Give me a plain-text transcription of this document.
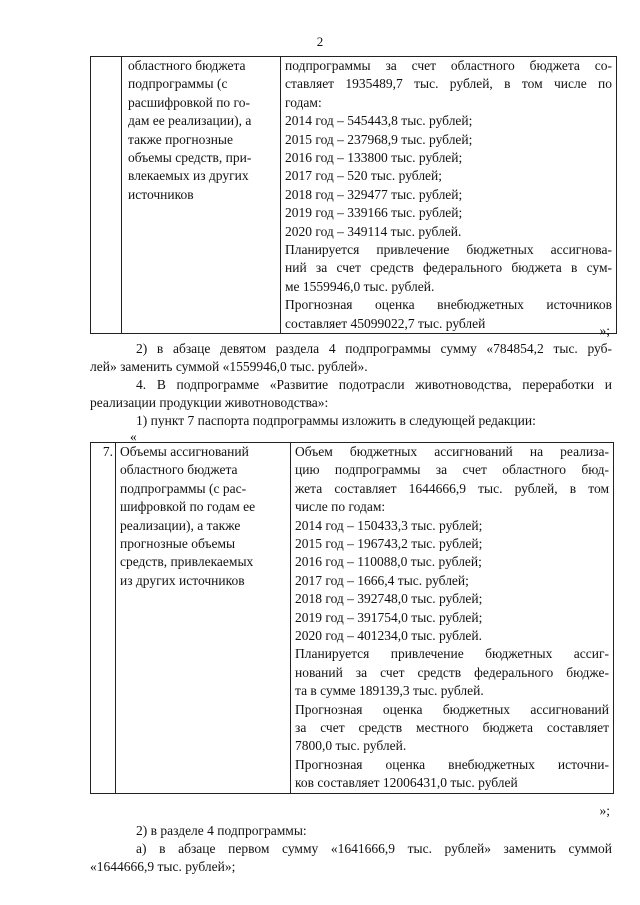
2

областного бюджета
подпрограммы (с
расшифровкой по го-
дам ее реализации), а
также прогнозные
объемы средств, при-
влекаемых из других
источников

подпрограммы за счет областного бюджета со-
ставляет 1935489,7 тыс. рублей, в том числе по
годам:
2014 год – 545443,8 тыс. рублей;
2015 год – 237968,9 тыс. рублей;
2016 год – 133800 тыс. рублей;
2017 год – 520 тыс. рублей;
2018 год – 329477 тыс. рублей;
2019 год – 339166 тыс. рублей;
2020 год – 349114 тыс. рублей.
Планируется привлечение бюджетных ассигнова-
ний за счет средств федерального бюджета в сум-
ме 1559946,0 тыс. рублей.
Прогнозная оценка внебюджетных источников
составляет 45099022,7 тыс. рублей	»;
2) в абзаце девятом раздела 4 подпрограммы сумму «784854,2 тыс. руб-
лей» заменить суммой «1559946,0 тыс. рублей».
4. В подпрограмме «Развитие подотрасли животноводства, переработки и
реализации продукции животноводства»:
1) пункт 7 паспорта подпрограммы изложить в следующей редакции:
«
7.	Объемы ассигнований
областного бюджета
подпрограммы (с рас-
шифровкой по годам ее
реализации), а также
прогнозные объемы
средств, привлекаемых
из других источников

Объем бюджетных ассигнований на реализа-
цию подпрограммы за счет областного бюд-
жета составляет 1644666,9 тыс. рублей, в том
числе по годам:
2014 год – 150433,3 тыс. рублей;
2015 год – 196743,2 тыс. рублей;
2016 год – 110088,0 тыс. рублей;
2017 год – 1666,4 тыс. рублей;
2018 год – 392748,0 тыс. рублей;
2019 год – 391754,0 тыс. рублей;
2020 год – 401234,0 тыс. рублей.
Планируется привлечение бюджетных ассиг-
нований за счет средств федерального бюдже-
та в сумме 189139,3 тыс. рублей.
Прогнозная оценка бюджетных ассигнований
за счет средств местного бюджета составляет
7800,0 тыс. рублей.
Прогнозная оценка внебюджетных источни-
ков составляет 12006431,0 тыс. рублей
»;
2) в разделе 4 подпрограммы:
а) в абзаце первом сумму «1641666,9 тыс. рублей» заменить суммой
«1644666,9 тыс. рублей»;
